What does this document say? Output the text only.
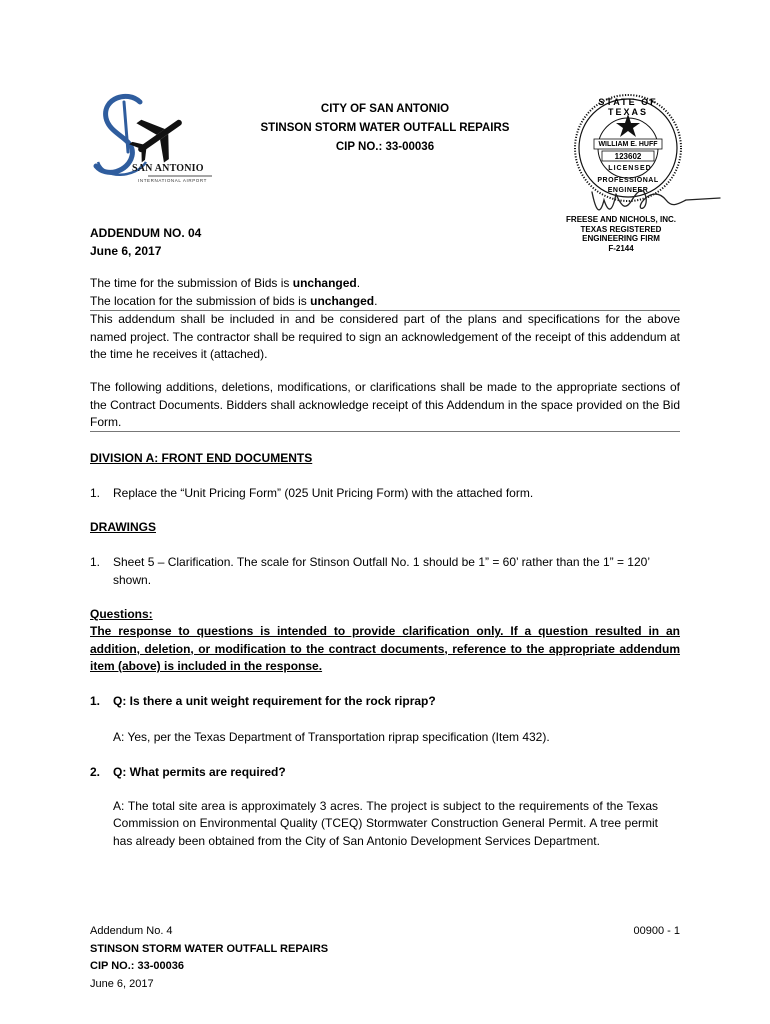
SAN ANTONIO
INTERNATIONAL AIRPORT
CITY OF SAN ANTONIO
STINSON STORM WATER OUTFALL REPAIRS
CIP NO.: 33-00036
STATE OF TEXAS
WILLIAM E. HUFF
123602
LICENSED
PROFESSIONAL ENGINEER
FREESE AND NICHOLS, INC.
TEXAS REGISTERED
ENGINEERING FIRM
F-2144
ADDENDUM NO. 04
June 6, 2017
The time for the submission of Bids is unchanged.
The location for the submission of bids is unchanged.
This addendum shall be included in and be considered part of the plans and specifications for the above named project. The contractor shall be required to sign an acknowledgement of the receipt of this addendum at the time he receives it (attached).
The following additions, deletions, modifications, or clarifications shall be made to the appropriate sections of the Contract Documents. Bidders shall acknowledge receipt of this Addendum in the space provided on the Bid Form.
DIVISION A: FRONT END DOCUMENTS
1. Replace the “Unit Pricing Form” (025 Unit Pricing Form) with the attached form.
DRAWINGS
1. Sheet 5 – Clarification. The scale for Stinson Outfall No. 1 should be 1” = 60’ rather than the 1” = 120’ shown.
Questions:
The response to questions is intended to provide clarification only. If a question resulted in an addition, deletion, or modification to the contract documents, reference to the appropriate addendum item (above) is included in the response.
1. Q: Is there a unit weight requirement for the rock riprap?
A: Yes, per the Texas Department of Transportation riprap specification (Item 432).
2. Q: What permits are required?
A: The total site area is approximately 3 acres. The project is subject to the requirements of the Texas Commission on Environmental Quality (TCEQ) Stormwater Construction General Permit. A tree permit has already been obtained from the City of San Antonio Development Services Department.
Addendum No. 4
STINSON STORM WATER OUTFALL REPAIRS
CIP NO.: 33-00036
June 6, 2017
00900 - 1
